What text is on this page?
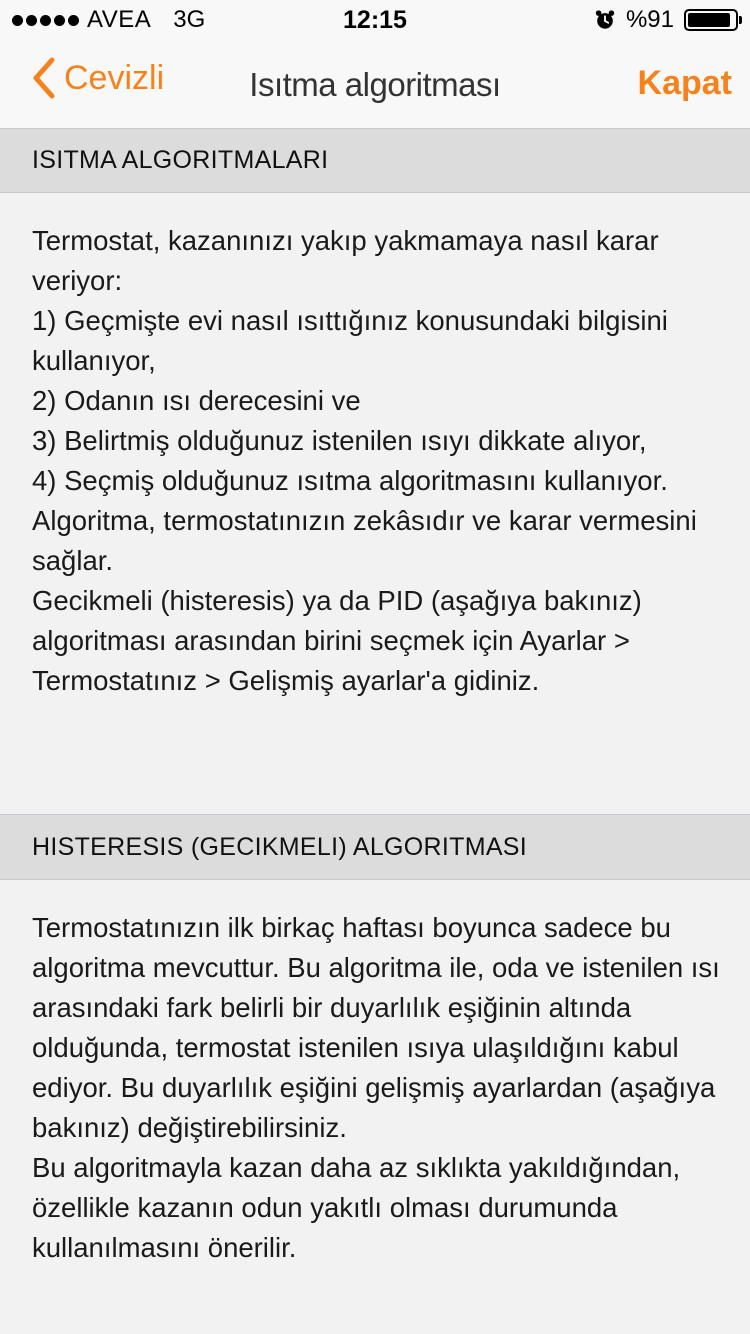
AVEA 3G	12:15	%91
Cevizli	Isıtma algoritması	Kapat
ISITMA ALGORITMALARI

Termostat, kazanınızı yakıp yakmamaya nasıl karar veriyor:

1) Geçmişte evi nasıl ısıttığınız konusundaki bilgisini kullanıyor,

2) Odanın ısı derecesini ve

3) Belirtmiş olduğunuz istenilen ısıyı dikkate alıyor,

4) Seçmiş olduğunuz ısıtma algoritmasını kullanıyor.

Algoritma, termostatınızın zekâsıdır ve karar vermesini sağlar.

Gecikmeli (histeresis) ya da PID (aşağıya bakınız) algoritması arasından birini seçmek için Ayarlar > Termostatınız > Gelişmiş ayarlar'a gidiniz.

HISTERESIS (GECIKMELI) ALGORITMASI

Termostatınızın ilk birkaç haftası boyunca sadece bu algoritma mevcuttur. Bu algoritma ile, oda ve istenilen ısı arasındaki fark belirli bir duyarlılık eşiğinin altında olduğunda, termostat istenilen ısıya ulaşıldığını kabul ediyor. Bu duyarlılık eşiğini gelişmiş ayarlardan (aşağıya bakınız) değiştirebilirsiniz.

Bu algoritmayla kazan daha az sıklıkta yakıldığından, özellikle kazanın odun yakıtlı olması durumunda kullanılmasını önerilir.
